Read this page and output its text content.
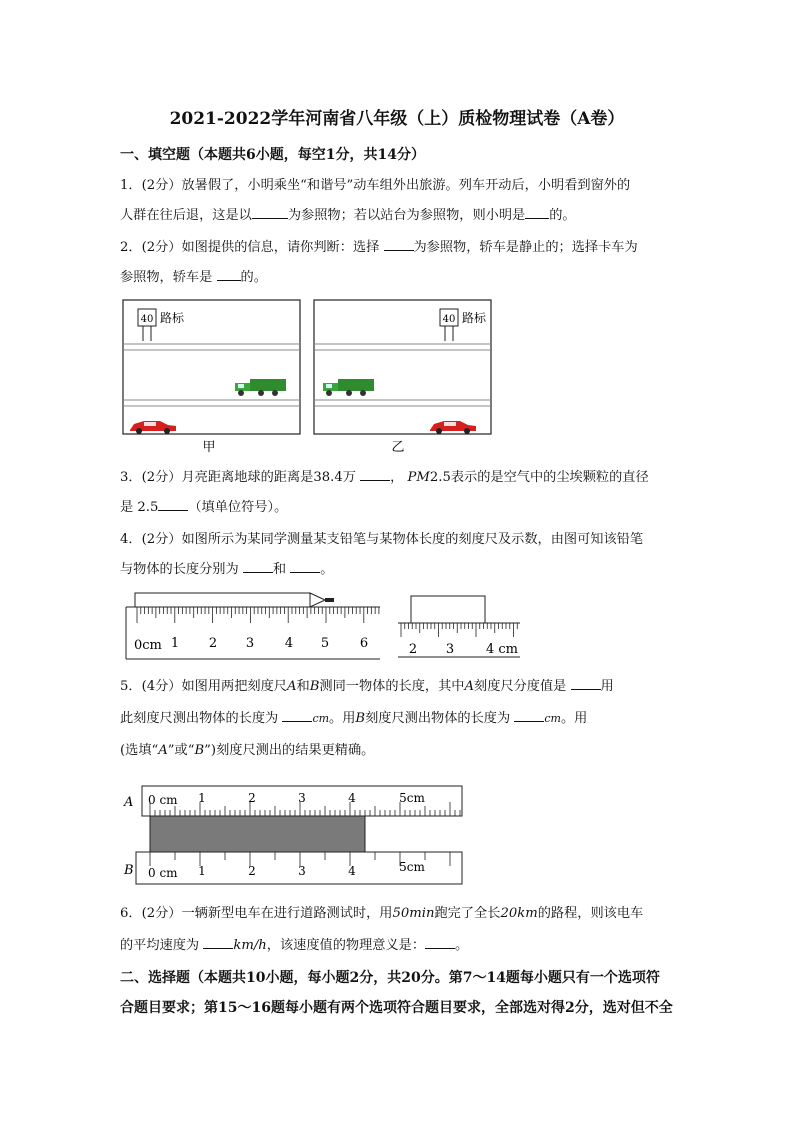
2021-2022学年河南省八年级（上）质检物理试卷（A卷）
一、填空题（本题共6小题，每空1分，共14分）
1．(2分）放暑假了，小明乘坐“和谐号”动车组外出旅游。列车开动后，小明看到窗外的
人群在往后退，这是以	为参照物；若以站台为参照物，则小明是 的。
2．(2分）如图提供的信息，请你判断：选择 为参照物，轿车是静止的；选择卡车为
参照物，轿车是 的。
40 路标
甲
40 路标
乙
3．(2分）月亮距离地球的距离是38.4万 ， PM2.5表示的是空气中的尘埃颗粒的直径
是 2.5 （填单位符号）。
4．(2分）如图所示为某同学测量某支铅笔与某物体长度的刻度尺及示数，由图可知该铅笔
与物体的长度分别为 和 。
0cm 1 2 3 4 5 6	2 3 4 cm
5．(4分）如图用两把刻度尺A和B测同一物体的长度，其中A刻度尺分度值是 用
此刻度尺测出物体的长度为	cm。用B刻度尺测出物体的长度为	cm。用
(选填“A”或“B”)刻度尺测出的结果更精确。
A 0 cm 1	2	3	4	5cm
B 0 cm 1	2	3	4	5cm
6．(2分）一辆新型电车在进行道路测试时，用50min跑完了全长20km的路程，则该电车
的平均速度为 km/h，该速度值的物理意义是： 。
二、选择题（本题共10小题，每小题2分，共20分。第7～14题每小题只有一个选项符
合题目要求；第15～16题每小题有两个选项符合题目要求，全部选对得2分，选对但不全
